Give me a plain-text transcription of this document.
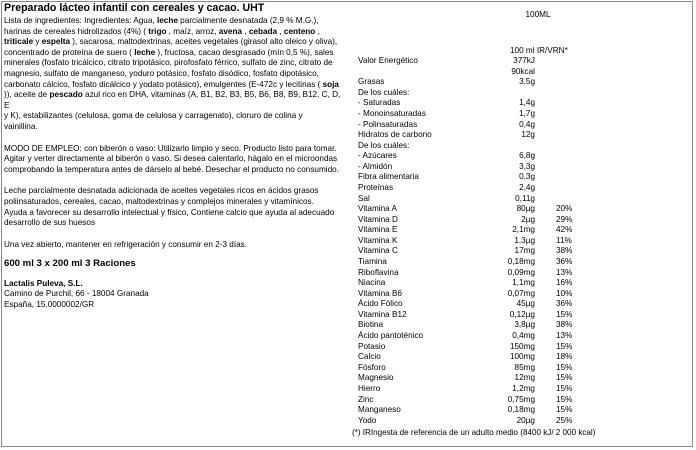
Preparado lácteo infantil con cereales y cacao. UHT

Lista de ingredientes: Ingredientes: Agua, leche parcialmente desnatada (2,9 % M.G.),
harinas de cereales hidrolizados (4%) ( trigo , maíz, arroz, avena , cebada , centeno ,
triticale y espelta ), sacarosa, maltodextrinas, aceites vegetales (girasol alto oleico y oliva),
concentrado de proteína de suero ( leche ), fructosa, cacao desgrasado (mín 0,5 %), sales
minerales (fosfato tricálcico, citrato tripotásico, pirofosfato férrico, sulfato de zinc, citrato de
magnesio, sulfato de manganeso, yoduro potásico, fosfato disódico, fosfato dipotásico,
carbonato cálcico, fosfato dicálcico y yodato potásico), emulgentes (E-472c y lecitinas ( soja
)), aceite de pescado azul rico en DHA, vitaminas (A, B1, B2, B3, B5, B6, B8, B9, B12, C, D, E
y K), estabilizantes (celulosa, goma de celulosa y carragenato), cloruro de colina y
vainillina.

MODO DE EMPLEO: con biberón o vaso: Utilizarlo limpio y seco. Producto listo para tomar.
Agitar y verter directamente al biberón o vaso. Si desea calentarlo, hágalo en el microondas
comprobando la temperatura antes de dárselo al bebé. Desechar el producto no consumido.

Leche parcialmente desnatada adicionada de aceites vegetales ricos en ácidos grasos
poliinsaturados, cereales, cacao, maltodextrinas y complejos minerales y vitamínicos.
Ayuda a favorecer su desarrollo intelectual y físico, Contiene calcio que ayuda al adecuado
desarrollo de sus huesos

Una vez abierto, mantener en refrigeración y consumir en 2-3 días.

600 ml 3 x 200 ml 3 Raciones

Lactalis Puleva, S.L.
Camino de Purchil, 66 - 18004 Granada
España, 15.0000002/GR
100ML
100 ml IR/VRN*
Valor Energético	377kJ
90kcal
Grasas	3,5g
De los cuáles:
- Saturadas	1,4g
- Monoinsaturadas	1,7g
- Polinsaturadas	0,4g
Hidratos de carbono	12g
De los cuáles:
- Azúcares	6,8g
- Almidón	3,3g
Fibra alimentaria	0,3g
Proteínas	2,4g
Sal	0,11g
Vitamina A	80µg	20%
Vitamina D	2µg	29%
Vitamina E	2,1mg	42%
Vitamina K	1,3µg	11%
Vitamina C	17mg	38%
Tiamina	0,18mg	36%
Riboflavina	0,09mg	13%
Niacina	1,1mg	16%
Vitamina B6	0,07mg	10%
Ácido Fólico	45µg	36%
Vitamina B12	0,12µg	15%
Biotina	3,8µg	38%
Ácido pantoténico	0,4mg	13%
Potasio	150mg	15%
Calcio	100mg	18%
Fósforo	85mg	15%
Magnesio	12mg	15%
Hierro	1,2mg	15%
Zinc	0,75mg	15%
Manganeso	0,18mg	15%
Yodo	20µg	25%
(*) IRIngesta de referencia de un adulto medio (8400 kJ/ 2 000 kcal)
